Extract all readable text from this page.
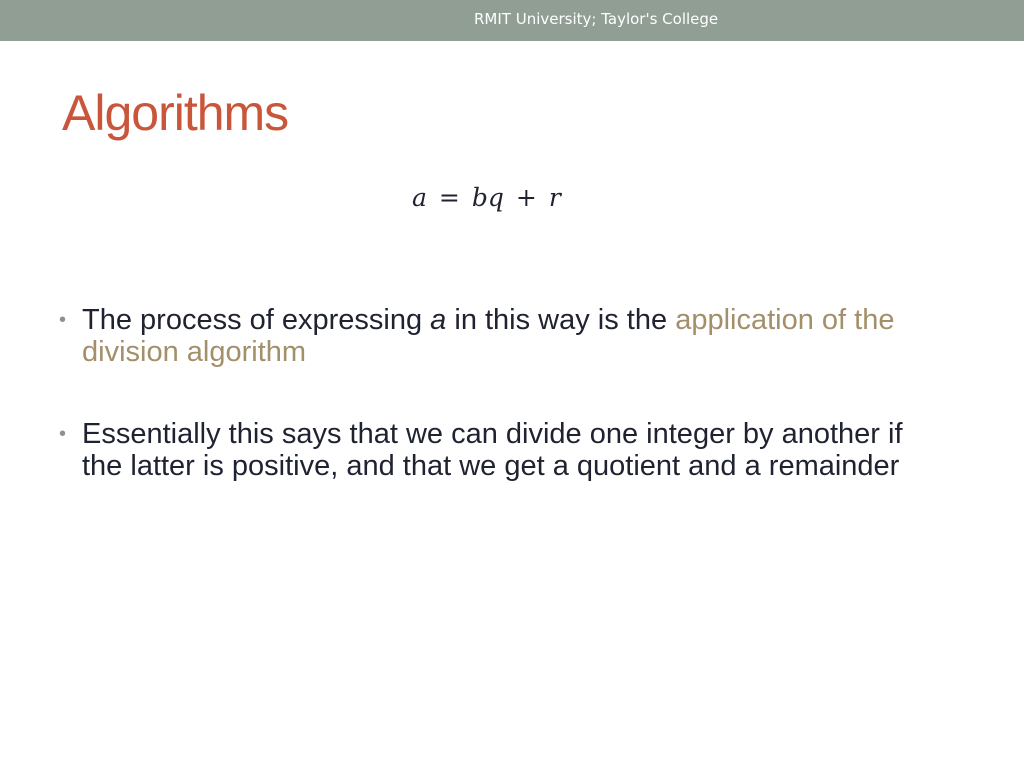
RMIT University; Taylor's College
Algorithms
a = bq + r
• The process of expressing a in this way is the application of the division algorithm
• Essentially this says that we can divide one integer by another if the latter is positive, and that we get a quotient and a remainder
